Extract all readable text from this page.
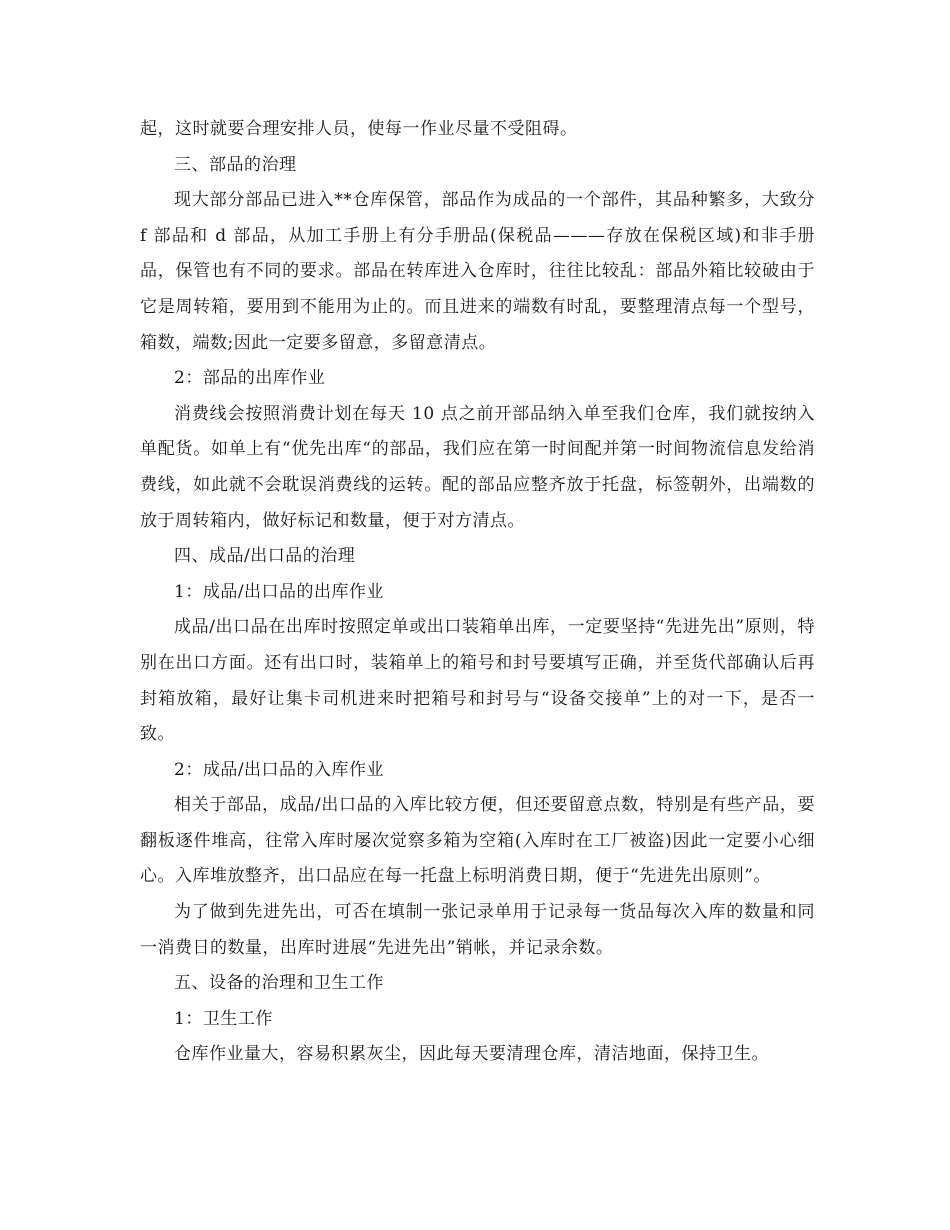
起，这时就要合理安排人员，使每一作业尽量不受阻碍。

三、部品的治理

现大部分部品已进入**仓库保管，部品作为成品的一个部件，其品种繁多，大致分 f 部品和 d 部品，从加工手册上有分手册品(保税品———存放在保税区域)和非手册品，保管也有不同的要求。部品在转库进入仓库时，往往比较乱：部品外箱比较破由于它是周转箱，要用到不能用为止的。而且进来的端数有时乱，要整理清点每一个型号，箱数，端数;因此一定要多留意，多留意清点。

2：部品的出库作业

消费线会按照消费计划在每天 10 点之前开部品纳入单至我们仓库，我们就按纳入单配货。如单上有“优先出库“的部品，我们应在第一时间配并第一时间物流信息发给消费线，如此就不会耽误消费线的运转。配的部品应整齐放于托盘，标签朝外，出端数的放于周转箱内，做好标记和数量，便于对方清点。

四、成品/出口品的治理

1：成品/出口品的出库作业

成品/出口品在出库时按照定单或出口装箱单出库，一定要坚持“先进先出”原则，特别在出口方面。还有出口时，装箱单上的箱号和封号要填写正确，并至货代部确认后再封箱放箱，最好让集卡司机进来时把箱号和封号与“设备交接单”上的对一下，是否一致。

2：成品/出口品的入库作业

相关于部品，成品/出口品的入库比较方便，但还要留意点数，特别是有些产品，要翻板逐件堆高，往常入库时屡次觉察多箱为空箱(入库时在工厂被盗)因此一定要小心细心。入库堆放整齐，出口品应在每一托盘上标明消费日期，便于“先进先出原则”。

为了做到先进先出，可否在填制一张记录单用于记录每一货品每次入库的数量和同一消费日的数量，出库时进展“先进先出”销帐，并记录余数。

五、设备的治理和卫生工作

1：卫生工作

仓库作业量大，容易积累灰尘，因此每天要清理仓库，清洁地面，保持卫生。
